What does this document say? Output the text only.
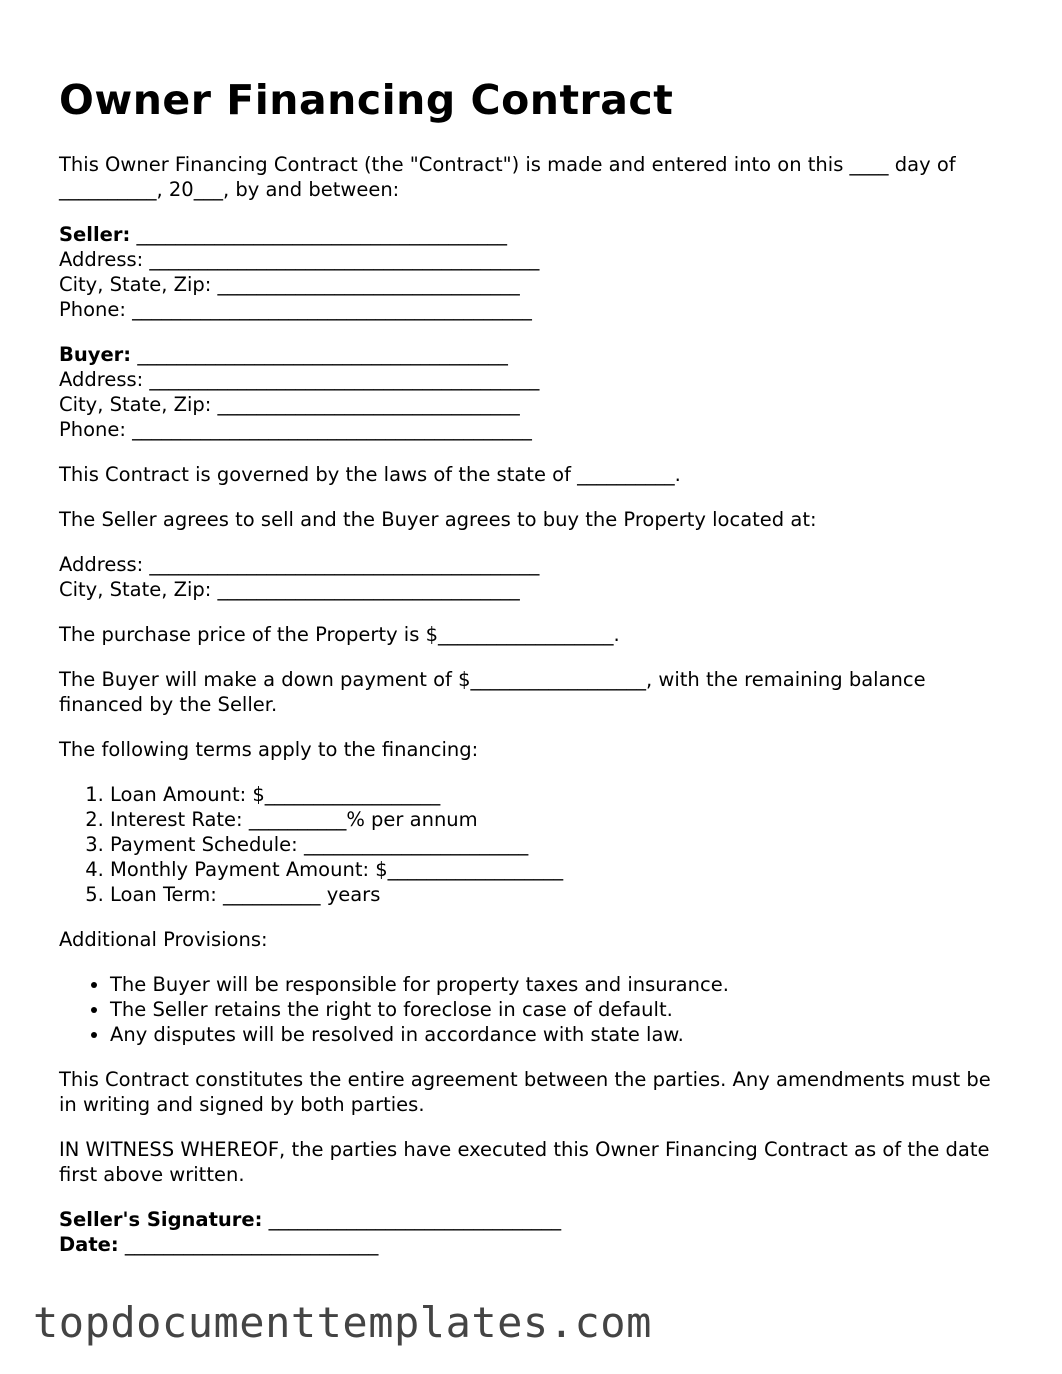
Owner Financing Contract

This Owner Financing Contract (the "Contract") is made and entered into on this ____ day of __________, 20___, by and between:

Seller: ______________________________________
Address: ________________________________________
City, State, Zip: _______________________________
Phone: _________________________________________
Buyer: ______________________________________
Address: ________________________________________
City, State, Zip: _______________________________
Phone: _________________________________________

This Contract is governed by the laws of the state of __________.

The Seller agrees to sell and the Buyer agrees to buy the Property located at:

Address: ________________________________________
City, State, Zip: _______________________________

The purchase price of the Property is $__________________.

The Buyer will make a down payment of $__________________, with the remaining balance financed by the Seller.

The following terms apply to the financing:

1. Loan Amount: $__________________
2. Interest Rate: __________% per annum
3. Payment Schedule: _______________________
4. Monthly Payment Amount: $__________________
5. Loan Term: __________ years

Additional Provisions:

• The Buyer will be responsible for property taxes and insurance.
• The Seller retains the right to foreclose in case of default.
• Any disputes will be resolved in accordance with state law.

This Contract constitutes the entire agreement between the parties. Any amendments must be in writing and signed by both parties.

IN WITNESS WHEREOF, the parties have executed this Owner Financing Contract as of the date first above written.

Seller's Signature: ______________________________
Date: __________________________
topdocumenttemplates.com
